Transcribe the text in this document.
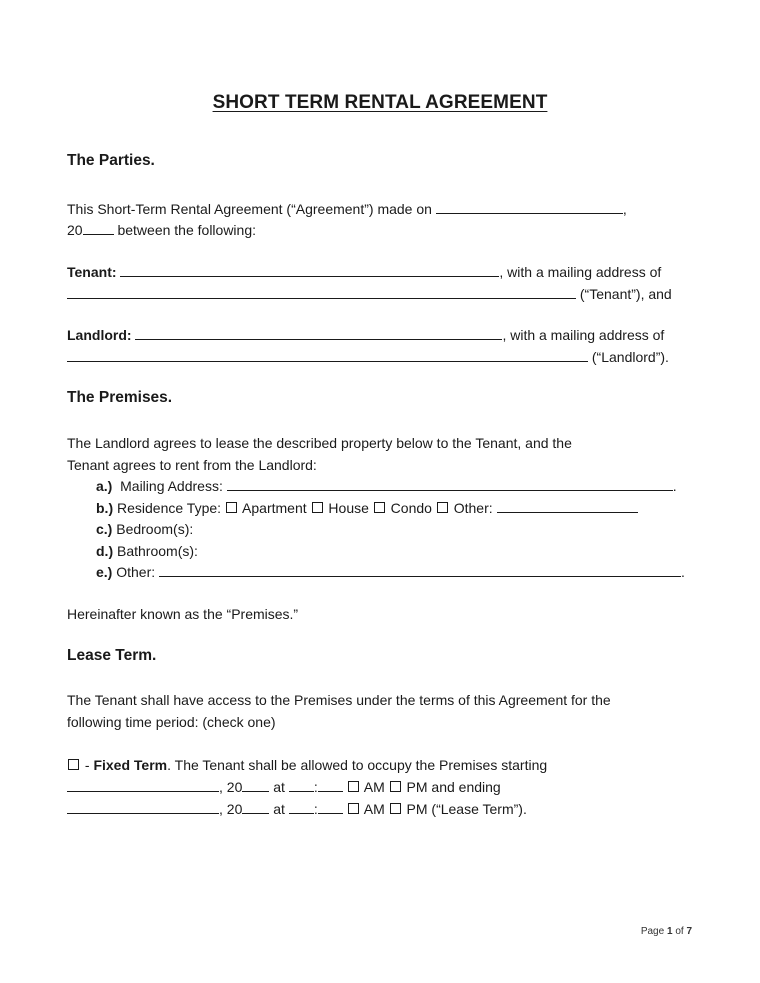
SHORT TERM RENTAL AGREEMENT
The Parties.
This Short-Term Rental Agreement (“Agreement”) made on	,
20 between the following:
Tenant:	, with a mailing address of
(“Tenant”), and
Landlord:	, with a mailing address of
(“Landlord”).
The Premises.
The Landlord agrees to lease the described property below to the Tenant, and the
Tenant agrees to rent from the Landlord:
a.) Mailing Address:	.
b.) Residence Type: Apartment House Condo Other:
c.) Bedroom(s):
d.) Bathroom(s):
e.) Other:	.
Hereinafter known as the “Premises.”
Lease Term.
The Tenant shall have access to the Premises under the terms of this Agreement for the
following time period: (check one)
- Fixed Term. The Tenant shall be allowed to occupy the Premises starting
, 20 at :	AM PM and ending
, 20 at :	AM PM (“Lease Term”).
Page 1 of 7
